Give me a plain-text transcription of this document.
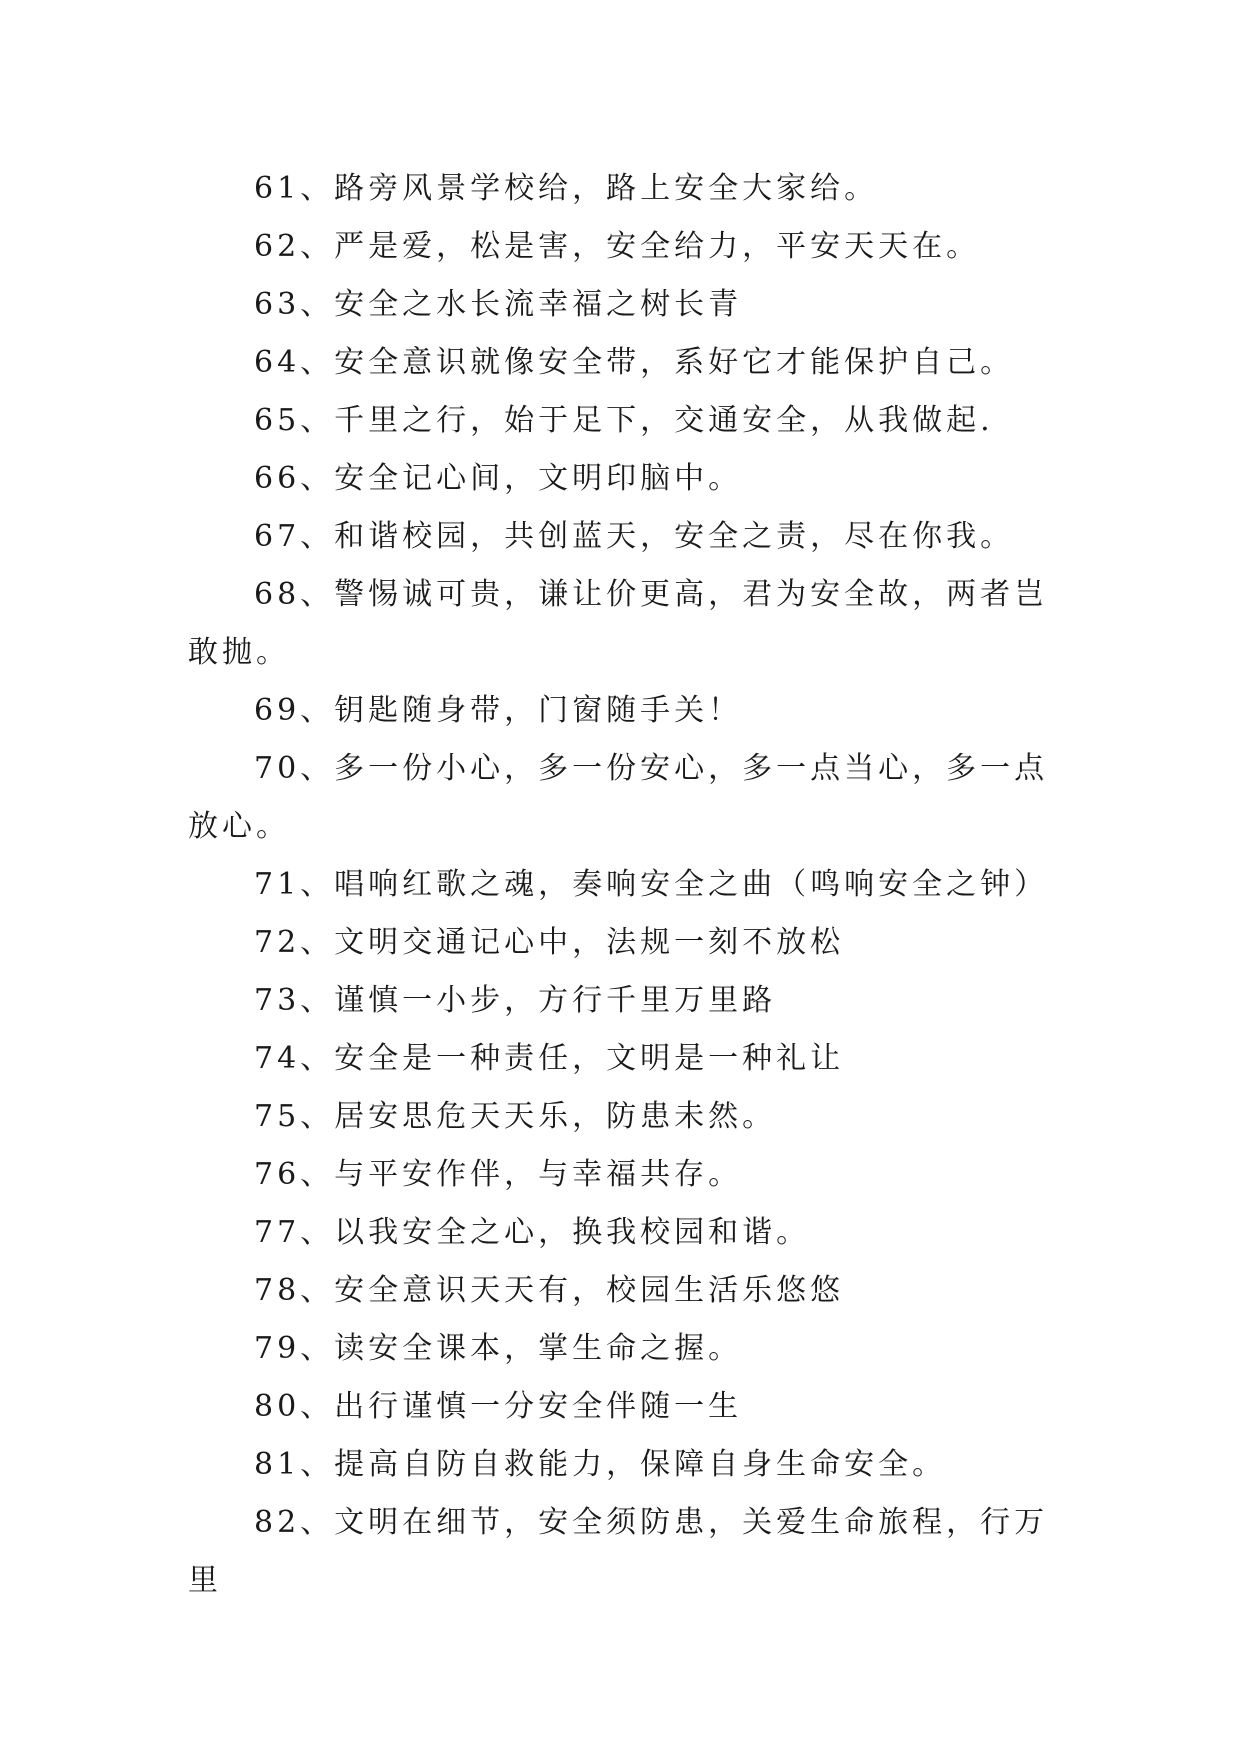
61、路旁风景学校给，路上安全大家给。

62、严是爱，松是害，安全给力，平安天天在。

63、安全之水长流幸福之树长青

64、安全意识就像安全带，系好它才能保护自己。

65、千里之行，始于足下，交通安全，从我做起.

66、安全记心间，文明印脑中。

67、和谐校园，共创蓝天，安全之责，尽在你我。

68、警惕诚可贵，谦让价更高，君为安全故，两者岂敢抛。

69、钥匙随身带，门窗随手关！

70、多一份小心，多一份安心，多一点当心，多一点放心。

71、唱响红歌之魂，奏响安全之曲（鸣响安全之钟）

72、文明交通记心中，法规一刻不放松

73、谨慎一小步，方行千里万里路

74、安全是一种责任，文明是一种礼让

75、居安思危天天乐，防患未然。

76、与平安作伴，与幸福共存。

77、以我安全之心，换我校园和谐。

78、安全意识天天有，校园生活乐悠悠

79、读安全课本，掌生命之握。

80、出行谨慎一分安全伴随一生

81、提高自防自救能力，保障自身生命安全。

82、文明在细节，安全须防患，关爱生命旅程，行万里
